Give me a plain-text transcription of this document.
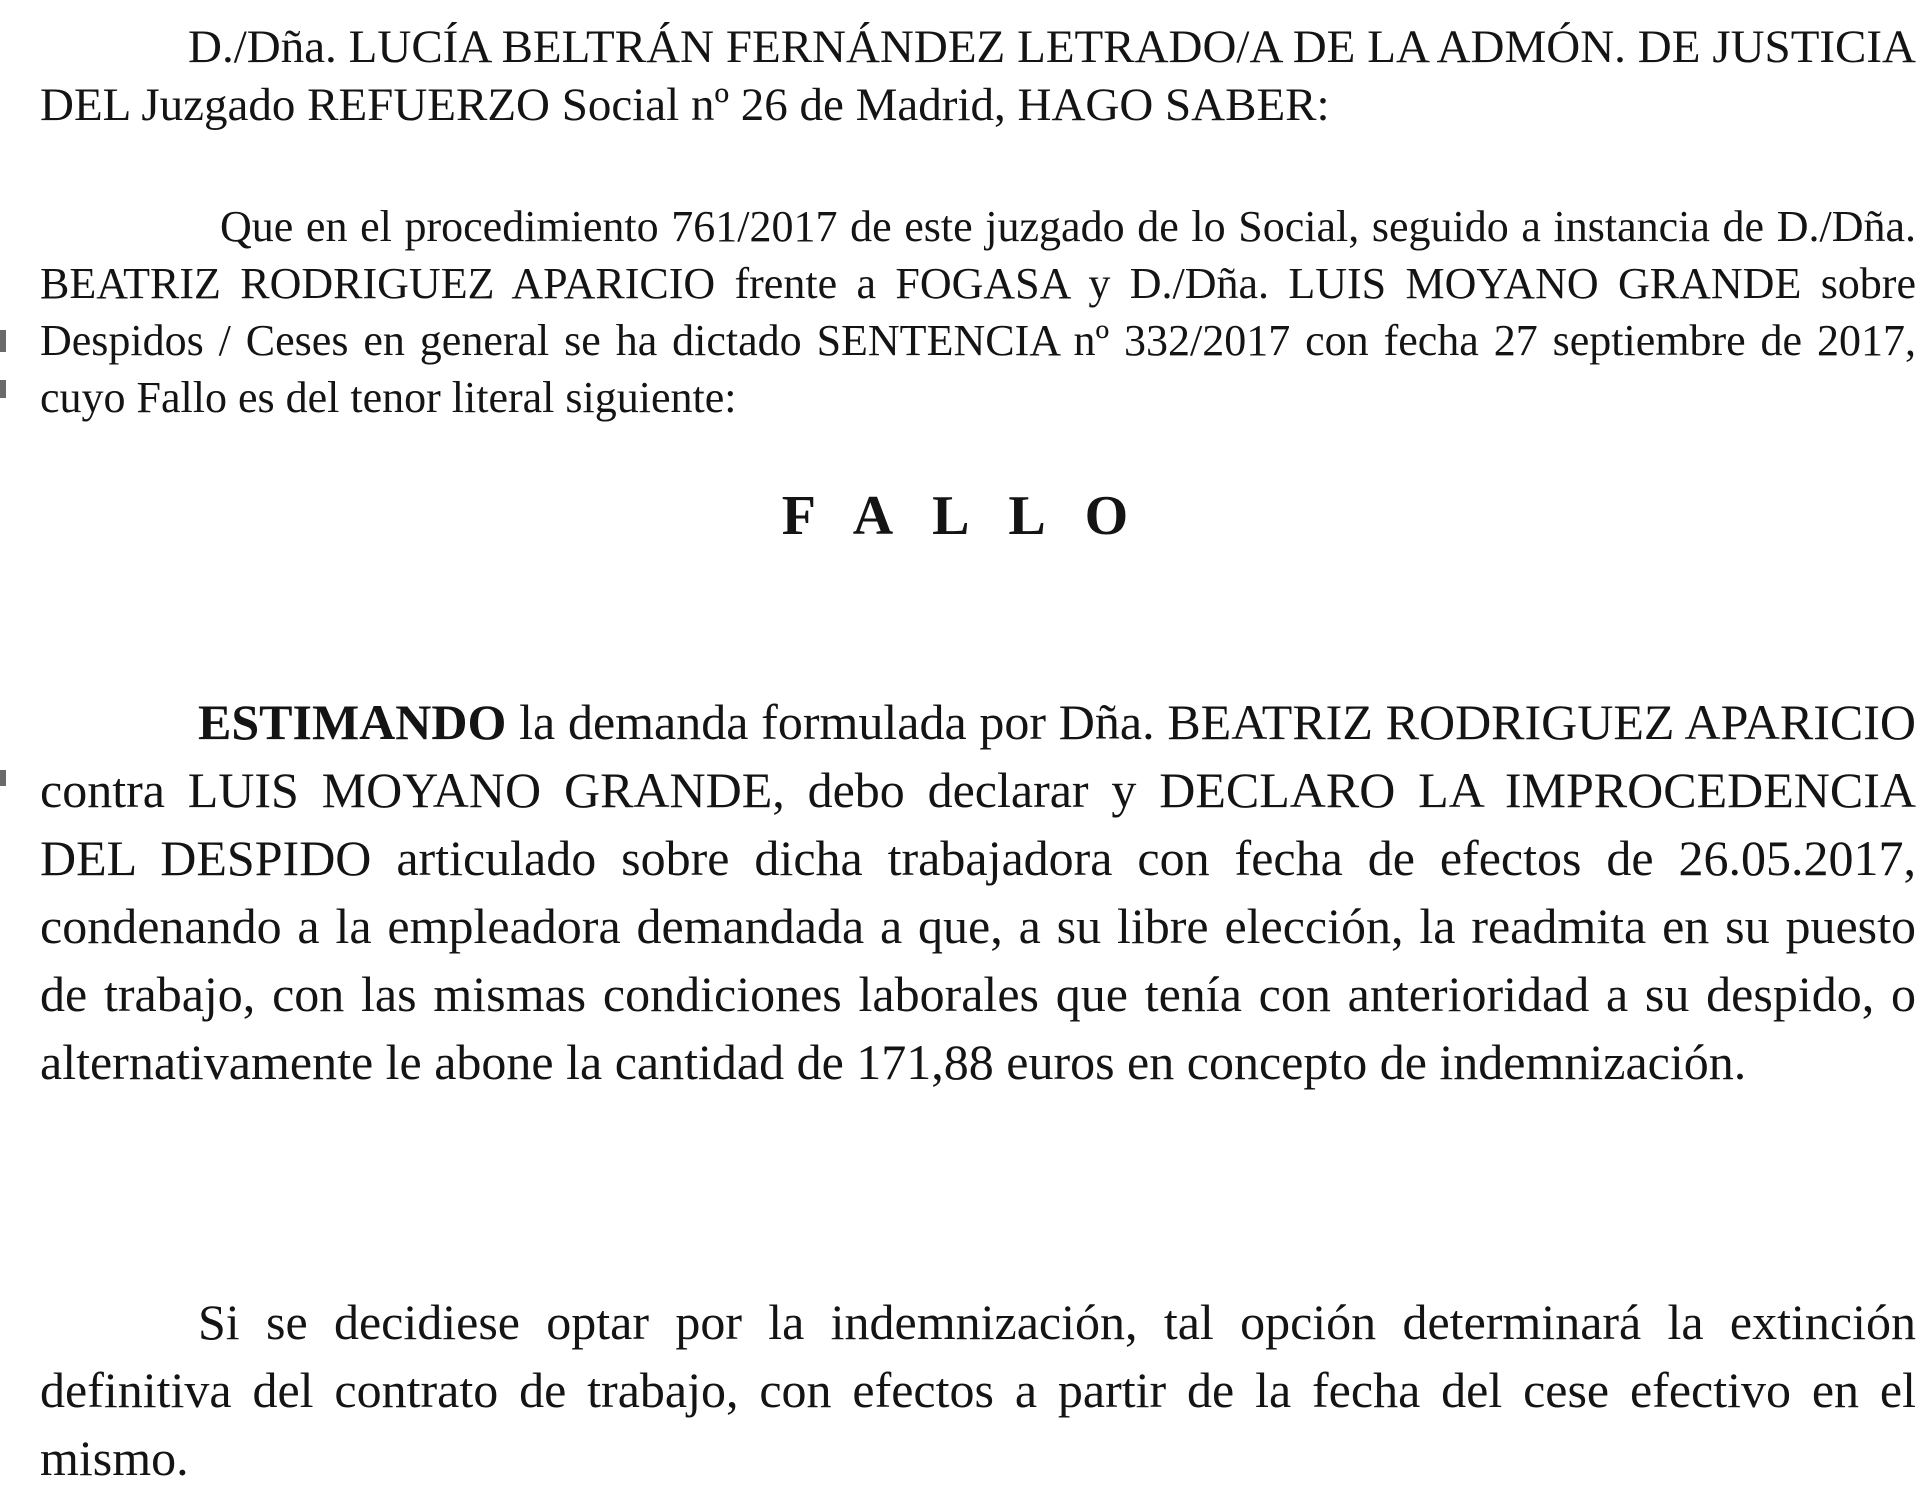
D./Dña. LUCÍA BELTRÁN FERNÁNDEZ LETRADO/A DE LA ADMÓN. DE JUSTICIA DEL Juzgado REFUERZO Social nº 26 de Madrid, HAGO SABER:

Que en el procedimiento 761/2017 de este juzgado de lo Social, seguido a instancia de D./Dña. BEATRIZ RODRIGUEZ APARICIO frente a FOGASA y D./Dña. LUIS MOYANO GRANDE sobre Despidos / Ceses en general se ha dictado SENTENCIA nº 332/2017 con fecha 27 septiembre de 2017, cuyo Fallo es del tenor literal siguiente:

F A L L O

ESTIMANDO la demanda formulada por Dña. BEATRIZ RODRIGUEZ APARICIO contra LUIS MOYANO GRANDE, debo declarar y DECLARO LA IMPROCEDENCIA DEL DESPIDO articulado sobre dicha trabajadora con fecha de efectos de 26.05.2017, condenando a la empleadora demandada a que, a su libre elección, la readmita en su puesto de trabajo, con las mismas condiciones laborales que tenía con anterioridad a su despido, o alternativamente le abone la cantidad de 171,88 euros en concepto de indemnización.

Si se decidiese optar por la indemnización, tal opción determinará la extinción definitiva del contrato de trabajo, con efectos a partir de la fecha del cese efectivo en el mismo.
